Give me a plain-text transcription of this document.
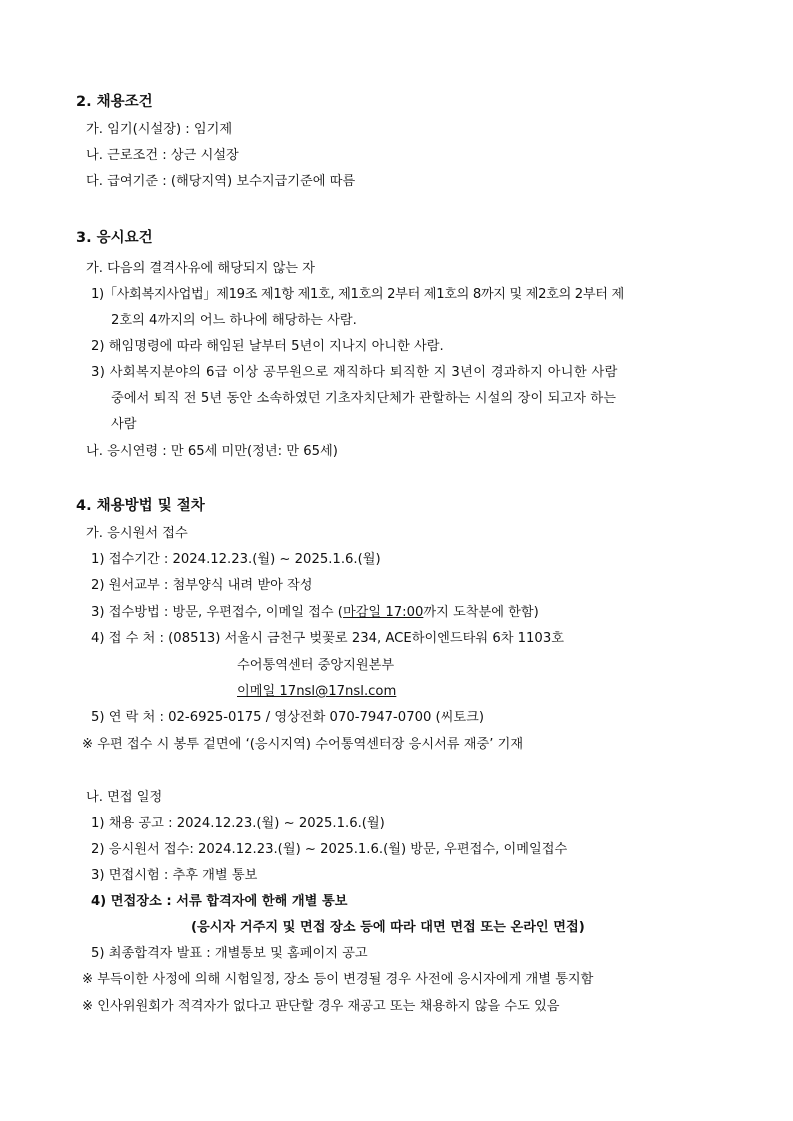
2. 채용조건
가. 임기(시설장) : 임기제
나. 근로조건 : 상근 시설장
다. 급여기준 : (해당지역) 보수지급기준에 따름
3. 응시요건
가. 다음의 결격사유에 해당되지 않는 자
1)「사회복지사업법」제19조 제1항 제1호, 제1호의 2부터 제1호의 8까지 및 제2호의 2부터 제
2호의 4까지의 어느 하나에 해당하는 사람.
2) 해임명령에 따라 해임된 날부터 5년이 지나지 아니한 사람.
3) 사회복지분야의 6급 이상 공무원으로 재직하다 퇴직한 지 3년이 경과하지 아니한 사람
중에서 퇴직 전 5년 동안 소속하였던 기초자치단체가 관할하는 시설의 장이 되고자 하는
사람
나. 응시연령 : 만 65세 미만(정년: 만 65세)
4. 채용방법 및 절차
가. 응시원서 접수
1) 접수기간 : 2024.12.23.(월) ~ 2025.1.6.(월)
2) 원서교부 : 첨부양식 내려 받아 작성
3) 접수방법 : 방문, 우편접수, 이메일 접수 (마감일 17:00까지 도착분에 한함)
4) 접 수 처 : (08513) 서울시 금천구 벚꽃로 234, ACE하이엔드타워 6차 1103호
수어통역센터 중앙지원본부
이메일 17nsl@17nsl.com
5) 연 락 처 : 02-6925-0175 / 영상전화 070-7947-0700 (씨토크)
※ 우편 접수 시 봉투 겉면에 ‘(응시지역) 수어통역센터장 응시서류 재중’ 기재
나. 면접 일정
1) 채용 공고 : 2024.12.23.(월) ~ 2025.1.6.(월)
2) 응시원서 접수: 2024.12.23.(월) ~ 2025.1.6.(월) 방문, 우편접수, 이메일접수
3) 면접시험 : 추후 개별 통보
4) 면접장소 : 서류 합격자에 한해 개별 통보
(응시자 거주지 및 면접 장소 등에 따라 대면 면접 또는 온라인 면접)
5) 최종합격자 발표 : 개별통보 및 홈페이지 공고
※ 부득이한 사정에 의해 시험일정, 장소 등이 변경될 경우 사전에 응시자에게 개별 통지함
※ 인사위원회가 적격자가 없다고 판단할 경우 재공고 또는 채용하지 않을 수도 있음
